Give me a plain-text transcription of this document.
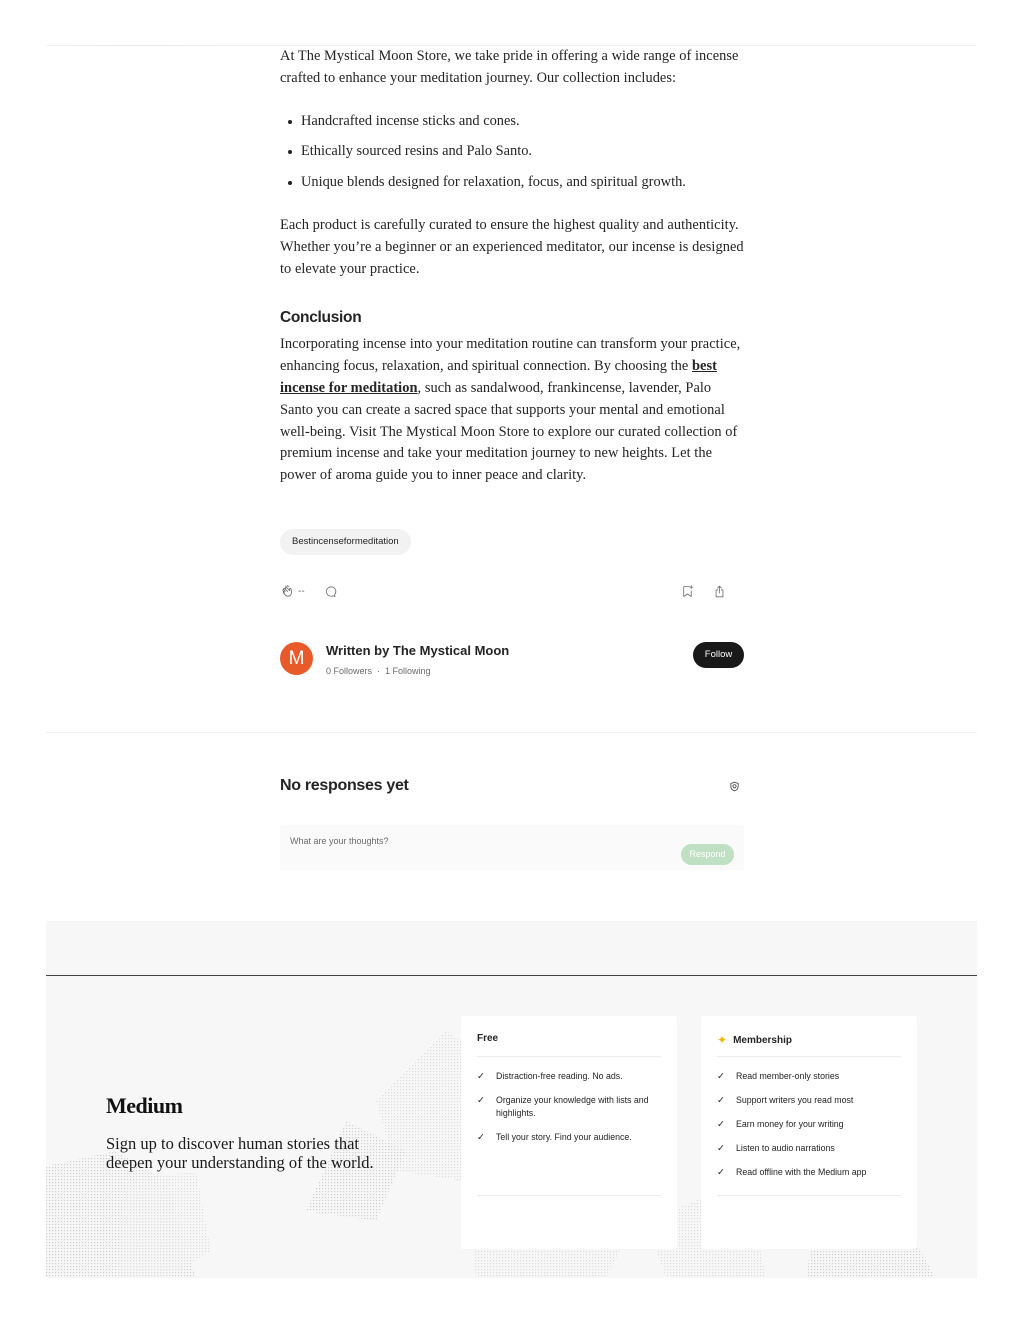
At The Mystical Moon Store, we take pride in offering a wide range of incense crafted to enhance your meditation journey. Our collection includes:

Handcrafted incense sticks and cones.
Ethically sourced resins and Palo Santo.
Unique blends designed for relaxation, focus, and spiritual growth.

Each product is carefully curated to ensure the highest quality and authenticity. Whether you’re a beginner or an experienced meditator, our incense is designed to elevate your practice.

Conclusion

Incorporating incense into your meditation routine can transform your practice, enhancing focus, relaxation, and spiritual connection. By choosing the best incense for meditation, such as sandalwood, frankincense, lavender, Palo Santo you can create a sacred space that supports your mental and emotional well-being. Visit The Mystical Moon Store to explore our curated collection of premium incense and take your meditation journey to new heights. Let the power of aroma guide you to inner peace and clarity.

Bestincenseformeditation
--
M	Written by The Mystical Moon
0 Followers · 1 Following
Follow
No responses yet
What are your thoughts?
Respond
Medium

Sign up to discover human stories that deepen your understanding of the world.

Free
✓ Distraction-free reading. No ads.
✓ Organize your knowledge with lists and highlights.
✓ Tell your story. Find your audience.
✦ Membership
✓ Read member-only stories
✓ Support writers you read most
✓ Earn money for your writing
✓ Listen to audio narrations
✓ Read offline with the Medium app
